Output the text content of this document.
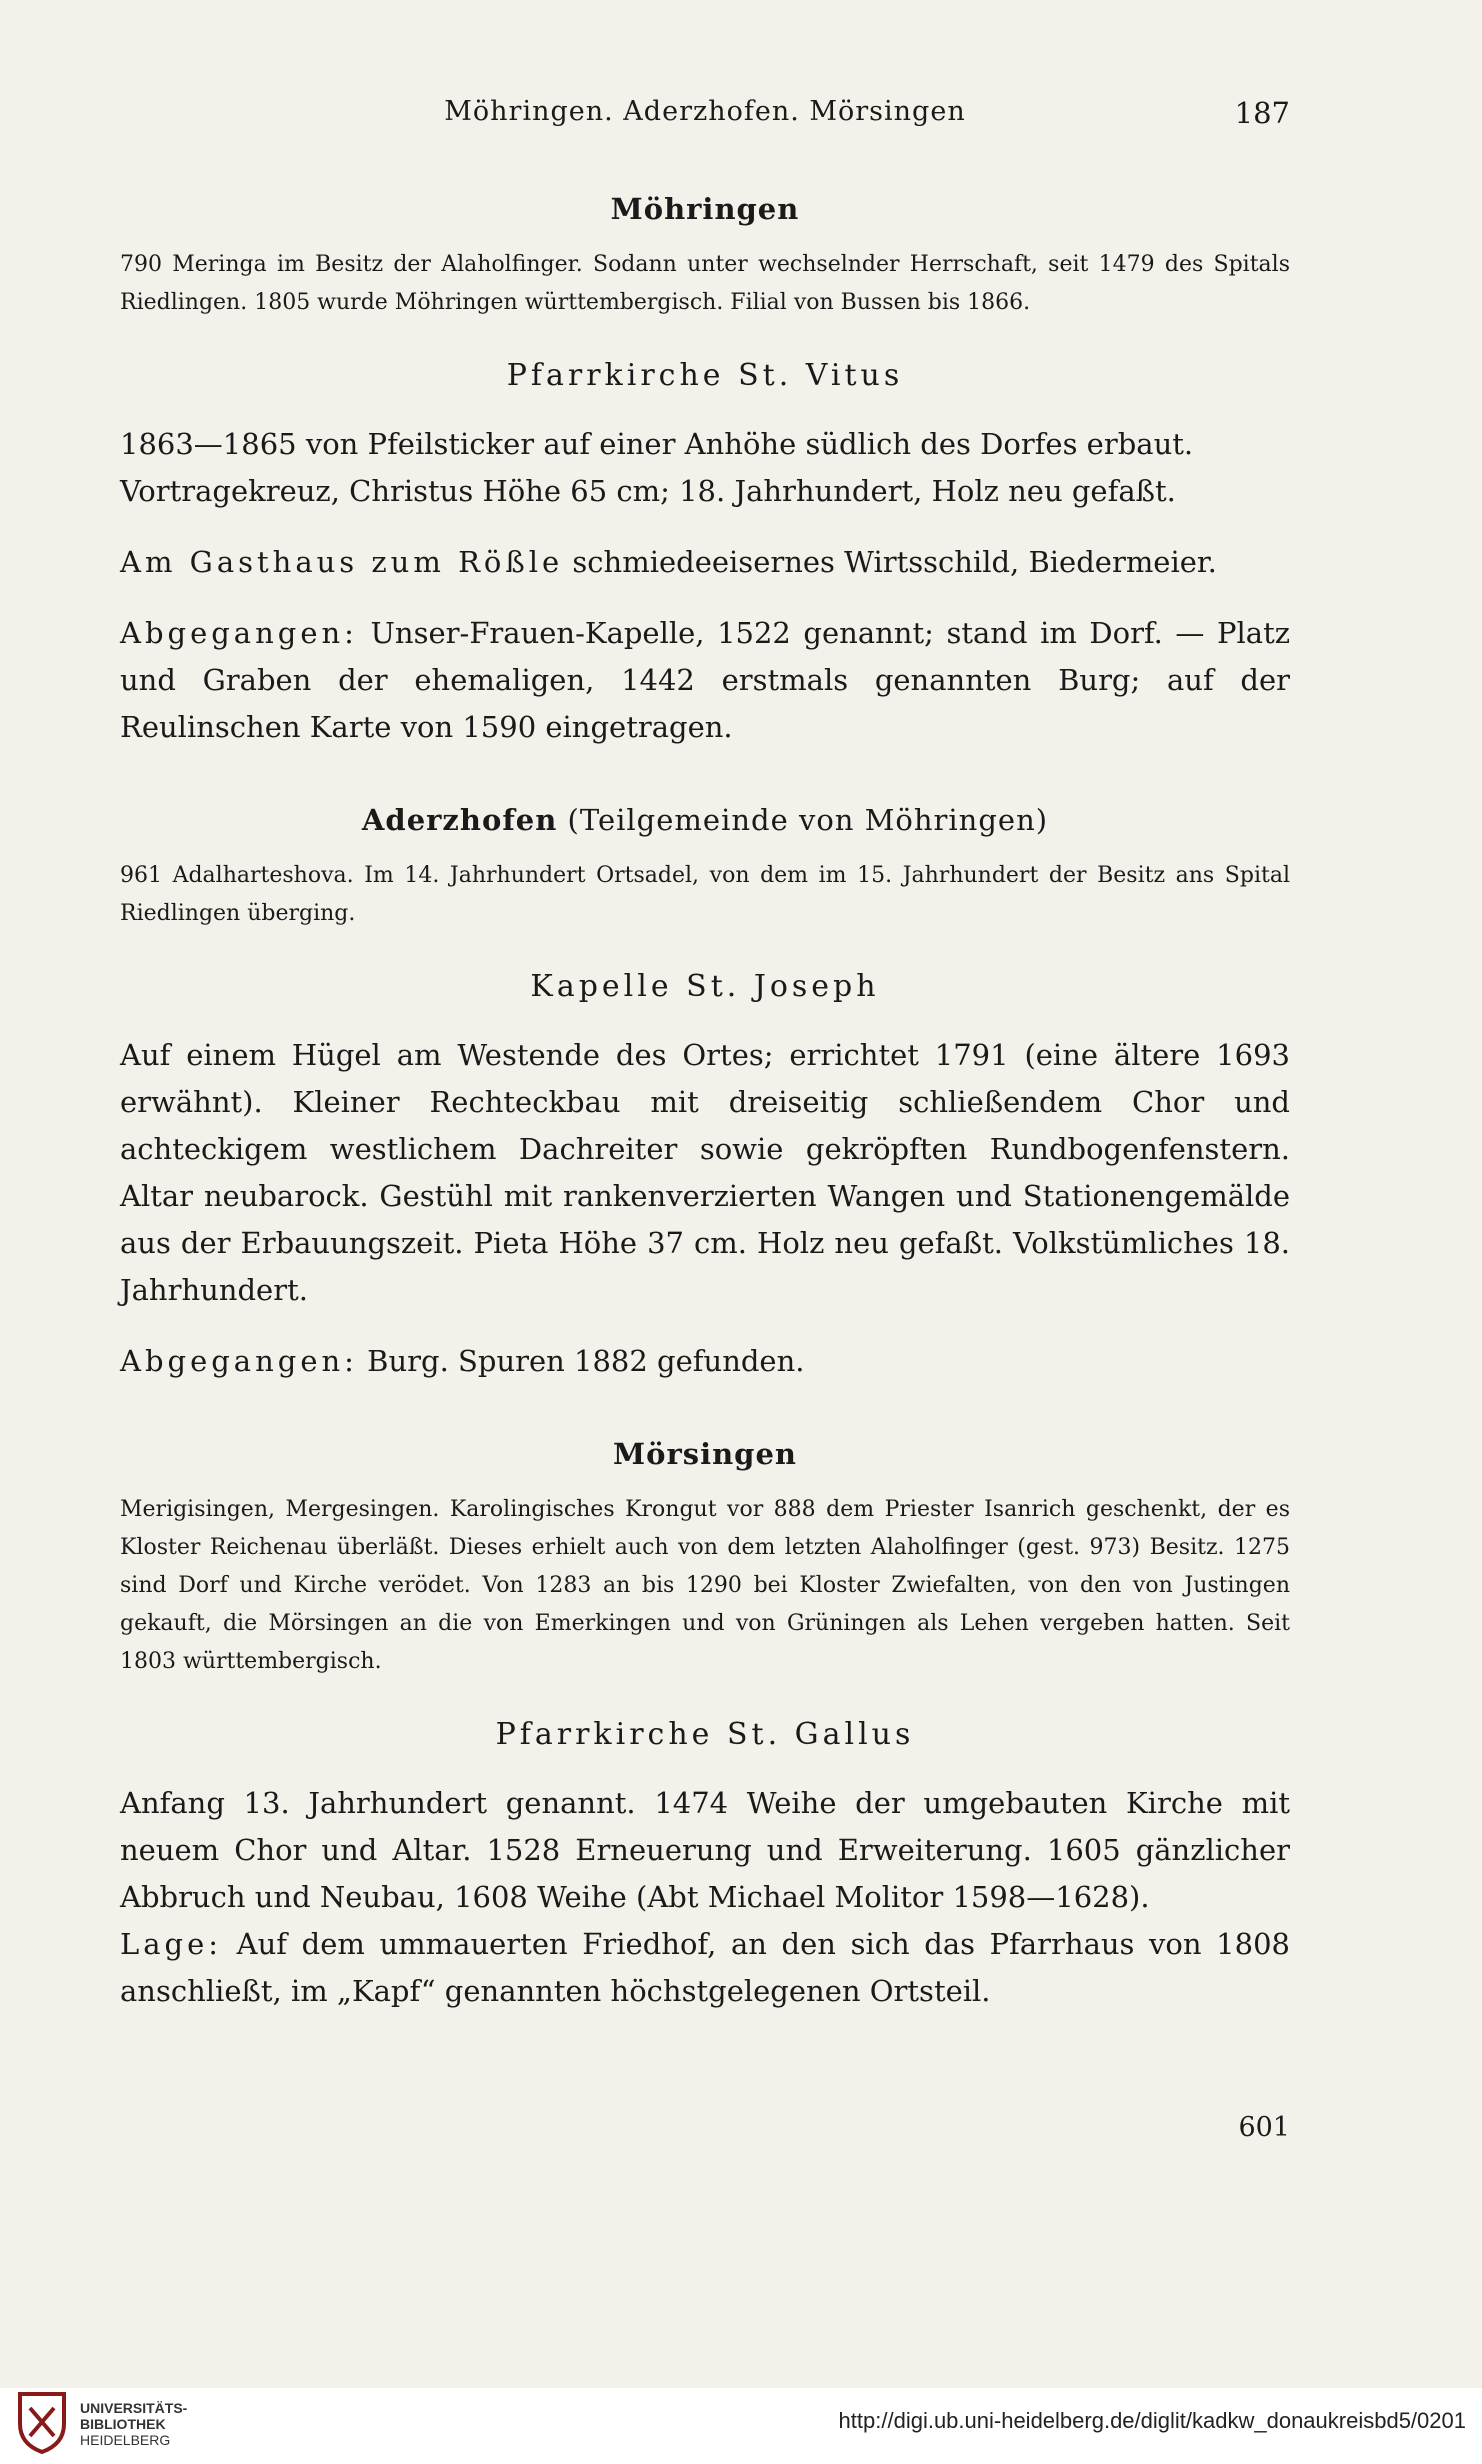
Möhringen. Aderzhofen. Mörsingen	187
Möhringen

790 Meringa im Besitz der Alaholfinger. Sodann unter wechselnder Herrschaft, seit 1479 des Spitals Riedlingen. 1805 wurde Möhringen württembergisch. Filial von Bussen bis 1866.

Pfarrkirche St. Vitus

1863—1865 von Pfeilsticker auf einer Anhöhe südlich des Dorfes erbaut.

Vortragekreuz, Christus Höhe 65 cm; 18. Jahrhundert, Holz neu gefaßt.

Am Gasthaus zum Rößle schmiedeeisernes Wirtsschild, Biedermeier.

Abgegangen: Unser-Frauen-Kapelle, 1522 genannt; stand im Dorf. — Platz und Graben der ehemaligen, 1442 erstmals genannten Burg; auf der Reulinschen Karte von 1590 eingetragen.

Aderzhofen (Teilgemeinde von Möhringen)

961 Adalharteshova. Im 14. Jahrhundert Ortsadel, von dem im 15. Jahrhundert der Besitz ans Spital Riedlingen überging.

Kapelle St. Joseph

Auf einem Hügel am Westende des Ortes; errichtet 1791 (eine ältere 1693 erwähnt). Kleiner Rechteckbau mit dreiseitig schließendem Chor und achteckigem westlichem Dachreiter sowie gekröpften Rundbogenfenstern. Altar neubarock. Gestühl mit rankenverzierten Wangen und Stationengemälde aus der Erbauungszeit. Pieta Höhe 37 cm. Holz neu gefaßt. Volkstümliches 18. Jahrhundert.

Abgegangen: Burg. Spuren 1882 gefunden.

Mörsingen

Merigisingen, Mergesingen. Karolingisches Krongut vor 888 dem Priester Isanrich geschenkt, der es Kloster Reichenau überläßt. Dieses erhielt auch von dem letzten Alaholfinger (gest. 973) Besitz. 1275 sind Dorf und Kirche verödet. Von 1283 an bis 1290 bei Kloster Zwiefalten, von den von Justingen gekauft, die Mörsingen an die von Emerkingen und von Grüningen als Lehen vergeben hatten. Seit 1803 württembergisch.

Pfarrkirche St. Gallus

Anfang 13. Jahrhundert genannt. 1474 Weihe der umgebauten Kirche mit neuem Chor und Altar. 1528 Erneuerung und Erweiterung. 1605 gänzlicher Abbruch und Neubau, 1608 Weihe (Abt Michael Molitor 1598—1628).

Lage: Auf dem ummauerten Friedhof, an den sich das Pfarrhaus von 1808 anschließt, im „Kapf“ genannten höchstgelegenen Ortsteil.

601
UNIVERSITÄTS-
BIBLIOTHEK
HEIDELBERG
http://digi.ub.uni-heidelberg.de/diglit/kadkw_donaukreisbd5/0201
